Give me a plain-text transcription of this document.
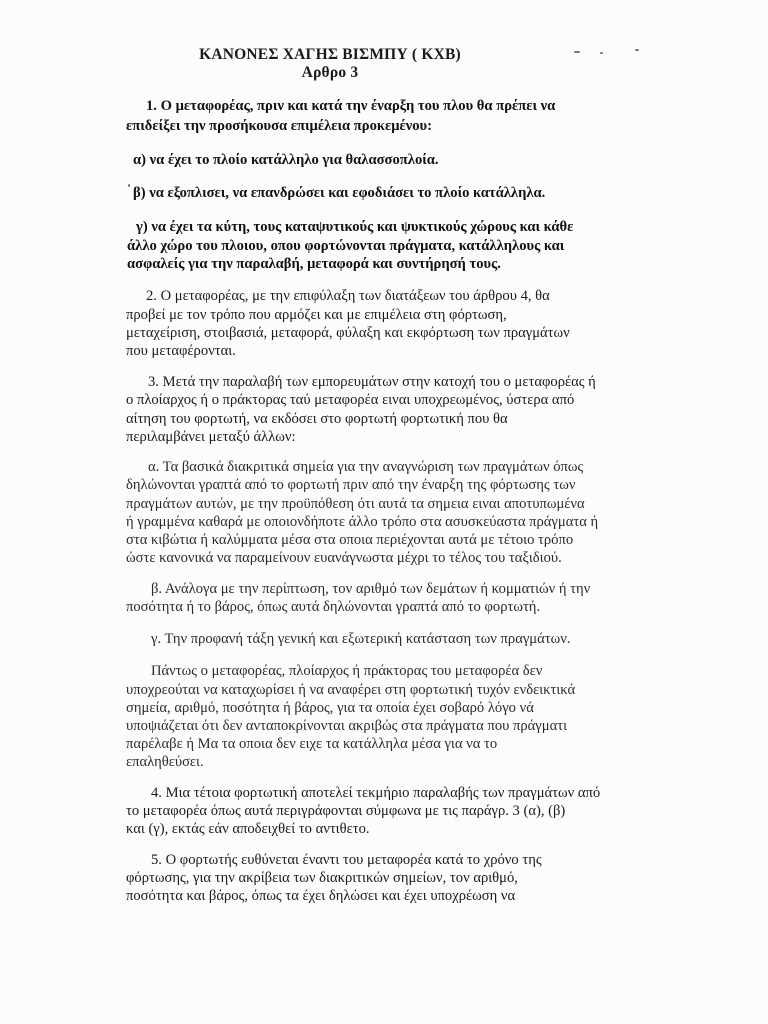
ΚΑΝΟΝΕΣ ΧΑΓΗΣ ΒΙΣΜΠΥ ( ΚΧΒ)
Αρθρο 3
1. Ο μεταφορέας, πριν και κατά την έναρξη του πλου θα πρέπει να
επιδείξει την προσήκουσα επιμέλεια προκεμένου:
α) να έχει το πλοίο κατάλληλο για θαλασσοπλοία.
β) να εξοπλισει, να επανδρώσει και εφοδιάσει το πλοίο κατάλληλα.
γ) να έχει τα κύτη, τους καταψυτικούς και ψυκτικούς χώρους και κάθε
άλλο χώρο του πλοιου, οπου φορτώνονται πράγματα, κατάλληλους και
ασφαλείς για την παραλαβή, μεταφορά και συντήρησή τους.
2. Ο μεταφορέας, με την επιφύλαξη των διατάξεων του άρθρου 4, θα
προβεί με τον τρόπο που αρμόζει και με επιμέλεια στη φόρτωση,
μεταχείριση, στοιβασιά, μεταφορά, φύλαξη και εκφόρτωση των πραγμάτων
που μεταφέρονται.
3. Μετά την παραλαβή των εμπορευμάτων στην κατοχή του ο μεταφορέας ή
ο πλοίαρχος ή ο πράκτορας ταύ μεταφορέα ειναι υποχρεωμένος, ύστερα από
αίτηση του φορτωτή, να εκδόσει στο φορτωτή φορτωτική που θα
περιλαμβάνει μεταξύ άλλων:
α. Τα βασικά διακριτικά σημεία για την αναγνώριση των πραγμάτων όπως
δηλώνονται γραπτά από το φορτωτή πριν από την έναρξη της φόρτωσης των
πραγμάτων αυτών, με την προϋπόθεση ότι αυτά τα σημεια ειναι αποτυπωμένα
ή γραμμένα καθαρά με οποιονδήποτε άλλο τρόπο στα ασυσκεύαστα πράγματα ή
στα κιβώτια ή καλύμματα μέσα στα οποια περιέχονται αυτά με τέτοιο τρόπο
ώστε κανονικά να παραμείνουν ευανάγνωστα μέχρι το τέλος του ταξιδιού.
β. Ανάλογα με την περίπτωση, τον αριθμό των δεμάτων ή κομματιών ή την
ποσότητα ή το βάρος, όπως αυτά δηλώνονται γραπτά από το φορτωτή.
γ. Την προφανή τάξη γενική και εξωτερική κατάσταση των πραγμάτων.
Πάντως ο μεταφορέας, πλοίαρχος ή πράκτορας του μεταφορέα δεν
υποχρεούται να καταχωρίσει ή να αναφέρει στη φορτωτική τυχόν ενδεικτικά
σημεία, αριθμό, ποσότητα ή βάρος, για τα οποία έχει σοβαρό λόγο νά
υποψιάζεται ότι δεν ανταποκρίνονται ακριβώς στα πράγματα που πράγματι
παρέλαβε ή Μα τα οποια δεν ειχε τα κατάλληλα μέσα για να το
επαληθεύσει.
4. Μια τέτοια φορτωτική αποτελεί τεκμήριο παραλαβής των πραγμάτων από
το μεταφορέα όπως αυτά περιγράφονται σύμφωνα με τις παράγρ. 3 (α), (β)
και (γ), εκτάς εάν αποδειχθεί το αντιθετο.
5. Ο φορτωτής ευθύνεται έναντι του μεταφορέα κατά το χρόνο της
φόρτωσης, για την ακρίβεια των διακριτικών σημείων, τον αριθμό,
ποσότητα και βάρος, όπως τα έχει δηλώσει και έχει υποχρέωση να
